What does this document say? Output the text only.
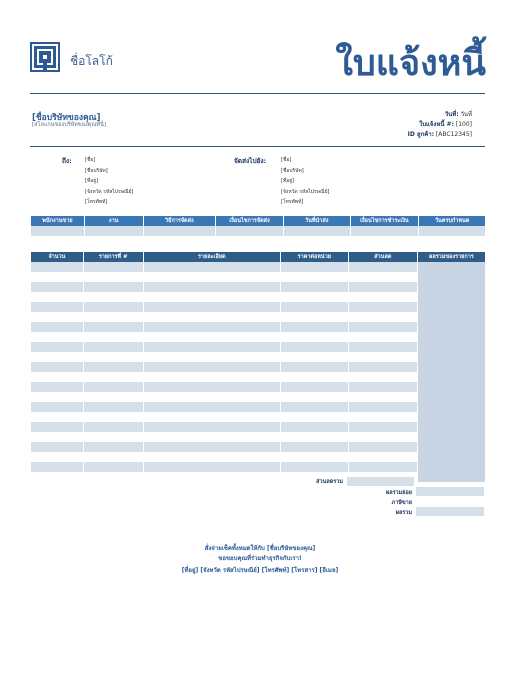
ชื่อโลโก้	ใบแจ้งหนี้
[ชื่อบริษัทของคุณ]
[สโลแกนของบริษัทของคุณที่นี่]
วันที่: วันที่
ใบแจ้งหนี้ #: [100]
ID ลูกค้า: [ABC12345]
ถึง:	[ชื่อ]
[ชื่อบริษัท]
[ที่อยู่]
[จังหวัด รหัสไปรษณีย์]
[โทรศัพท์]
จัดส่งไปยัง:	[ชื่อ]
[ชื่อบริษัท]
[ที่อยู่]
[จังหวัด รหัสไปรษณีย์]
[โทรศัพท์]
พนักงานขาย	งาน	วิธีการจัดส่ง	เงื่อนไขการจัดส่ง	วันที่นำส่ง	เงื่อนไขการชำระเงิน	วันครบกำหนด

จำนวน	รายการที่ #	รายละเอียด	ราคาต่อหน่วย	ส่วนลด	ผลรวมของรายการ

ส่วนลดรวม
ผลรวมย่อย
ภาษีขาย
ผลรวม
สั่งจ่ายเช็คทั้งหมดให้กับ [ชื่อบริษัทของคุณ]
ขอขอบคุณที่ร่วมทำธุรกิจกับเรา!
[ที่อยู่] [จังหวัด รหัสไปรษณีย์] [โทรศัพท์] [โทรสาร] [อีเมล]
